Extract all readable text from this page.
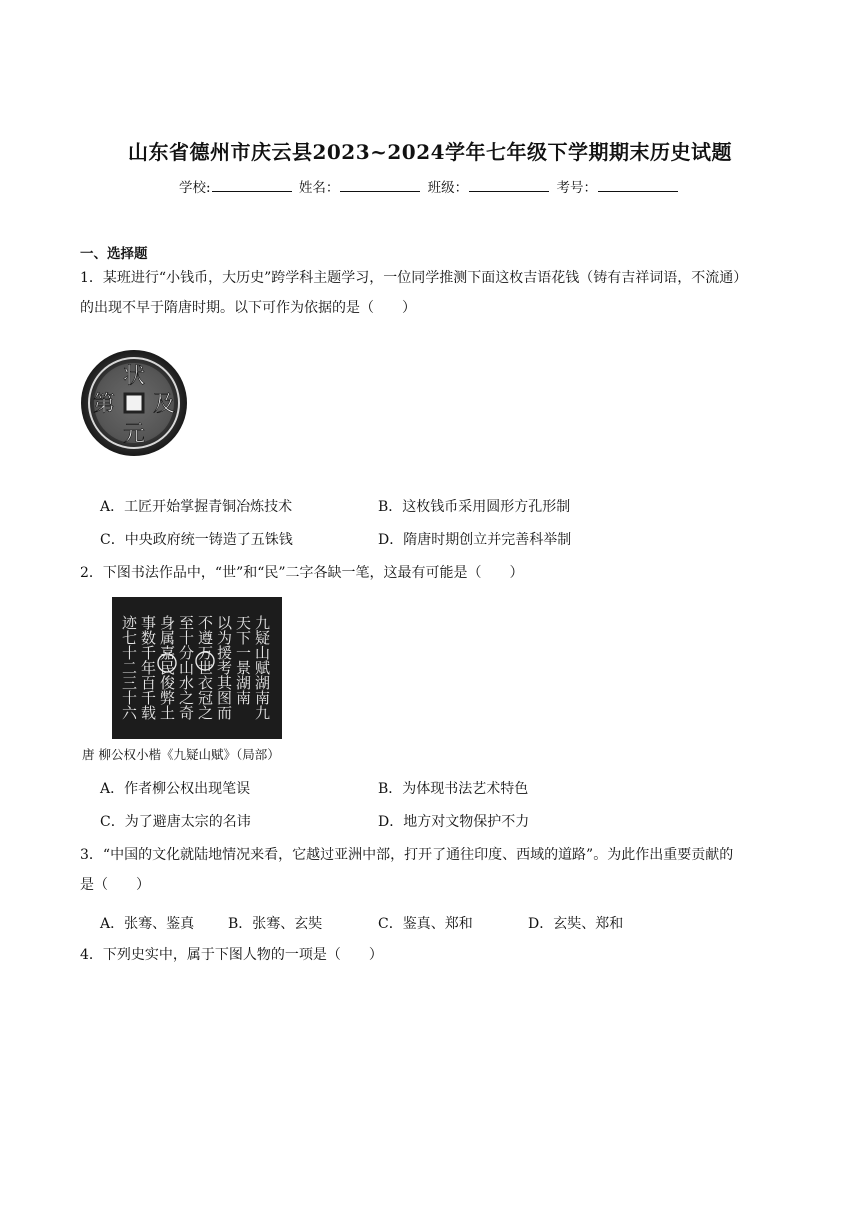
山东省德州市庆云县2023~2024学年七年级下学期期末历史试题
学校:	姓名：	班级：	考号：
一、选择题
1．某班进行“小钱币，大历史”跨学科主题学习，一位同学推测下面这枚吉语花钱（铸有吉祥词语，不流通）
的出现不早于隋唐时期。以下可作为依据的是（　　）
状
及
元
第
A．工匠开始掌握青铜冶炼技术	B．这枚钱币采用圆形方孔形制
C．中央政府统一铸造了五铢钱	D．隋唐时期创立并完善科举制
2．下图书法作品中，“世”和“民”二字各缺一笔，这最有可能是（　　）
九疑山赋湖南九
天下一景湖南
以为援考其图而
不遵万世衣冠之
至十分山水之奇
身属嘉民俊弊土
事数千年百千载
迹七十二三十六
唐 柳公权小楷《九疑山赋》（局部）
A．作者柳公权出现笔误	B．为体现书法艺术特色
C．为了避唐太宗的名讳	D．地方对文物保护不力
3．“中国的文化就陆地情况来看，它越过亚洲中部，打开了通往印度、西域的道路”。为此作出重要贡献的
是（　　）
A．张骞、鉴真 B．张骞、玄奘	C．鉴真、郑和	D．玄奘、郑和
4．下列史实中，属于下图人物的一项是（　　）
